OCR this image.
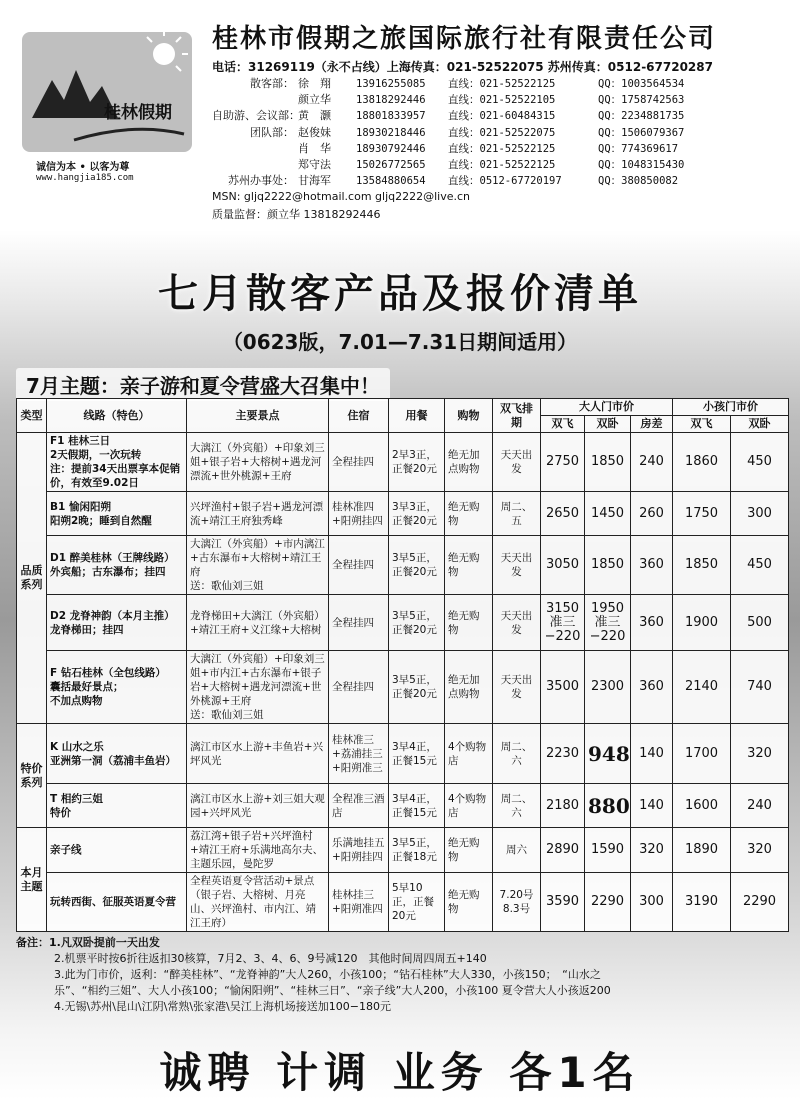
桂林假期
诚信为本 • 以客为尊
www.hangjia185.com
桂林市假期之旅国际旅行社有限责任公司
电话：31269119（永不占线）上海传真：021-52522075 苏州传真：0512-67720287
散客部： 徐　翔	13916255085	直线：021-52522125	QQ：1003564534
颜立华	13818292446	直线：021-52522105	QQ：1758742563
自助游、会议部：
黄　灏	18801833957	直线：021-60484315	QQ：2234881735
团队部： 赵俊妹	18930218446	直线：021-52522075	QQ：1506079367
肖　华	18930792446	直线：021-52522125	QQ：774369617
郑守法	15026772565	直线：021-52522125	QQ：1048315430
苏州办事处： 甘海军	13584880654	直线：0512-67720197	QQ：380850082
MSN: gljq2222@hotmail.com gljq2222@live.cn
质量监督：颜立华 13818292446
七月散客产品及报价清单
（0623版，7.01—7.31日期间适用）
7月主题：亲子游和夏令营盛大召集中！
类型	线路（特色）	主要景点	住宿	用餐	购物	双飞排期	大人门市价			小孩门市价	
							双飞	双卧	房差	双飞	双卧
品质系列	F1 桂林三日
2天假期，一次玩转
注：提前34天出票享本促销价，有效至9.02日	大漓江（外宾船）+印象刘三姐+银子岩+大榕树+遇龙河漂流+世外桃源+王府	全程挂四	2早3正，正餐20元	绝无加点购物	天天出发	2750	1850	240	1860	450
	B1 愉闲阳朔
阳朔2晚；睡到自然醒	兴坪渔村+银子岩+遇龙河漂流+靖江王府独秀峰	桂林准四+阳朔挂四	3早3正，正餐20元	绝无购物	周二、五	2650	1450	260	1750	300
	D1 醉美桂林（王牌线路）
外宾船；古东瀑布；挂四	大漓江（外宾船）+市内漓江+古东瀑布+大榕树+靖江王府
送：歌仙刘三姐	全程挂四	3早5正，正餐20元	绝无购物	天天出发	3050	1850	360	1850	450
	D2 龙脊神韵（本月主推）
龙脊梯田；挂四	龙脊梯田+大漓江（外宾船）+靖江王府+义江缘+大榕树	全程挂四	3早5正，正餐20元	绝无购物	天天出发	3150
准三
−220	1950
准三
−220	360	1900	500
	F 钻石桂林（全包线路）
囊括最好景点；
不加点购物	大漓江（外宾船）+印象刘三姐+市内江+古东瀑布+银子岩+大榕树+遇龙河漂流+世外桃源+王府
送：歌仙刘三姐	全程挂四	3早5正，正餐20元	绝无加点购物	天天出发	3500	2300	360	2140	740
特价系列	K 山水之乐
亚洲第一洞（荔浦丰鱼岩）	漓江市区水上游+丰鱼岩+兴坪风光	桂林准三+荔浦挂三+阳朔准三	3早4正，正餐15元	4个购物店	周二、六	2230	948	140	1700	320
	T 相约三姐
特价	漓江市区水上游+刘三姐大观园+兴坪风光	全程准三酒店	3早4正，正餐15元	4个购物店	周二、六	2180	880	140	1600	240
本月主题	亲子线	荔江湾+银子岩+兴坪渔村+靖江王府+乐满地高尔夫、主题乐园，曼陀罗	乐满地挂五+阳朔挂四	3早5正，正餐18元	绝无购物	周六	2890	1590	320	1890	320
	玩转西街、征服英语夏令营	全程英语夏令营活动+景点（银子岩、大榕树、月亮山、兴坪渔村、市内江、靖江王府）	桂林挂三+阳朔准四	5早10正，正餐20元	绝无购物	7.20号
8.3号	3590	2290	300	3190	2290
备注：1.凡双卧提前一天出发
2.机票平时按6折往返扣30核算，7月2、3、4、6、9号减120　其他时间周四周五+140
3.此为门市价，返利：“醉美桂林”、“龙脊神韵”大人260，小孩100；“钻石桂林”大人330，小孩150；　“山水之
乐”、“相约三姐”、大人小孩100；“愉闲阳朔”、“桂林三日”、“亲子线”大人200，小孩100 夏令营大人小孩返200
4.无锡\苏州\昆山\江阴\常熟\张家港\吴江上海机场接送加100−180元
诚聘 计调 业务 各1名
